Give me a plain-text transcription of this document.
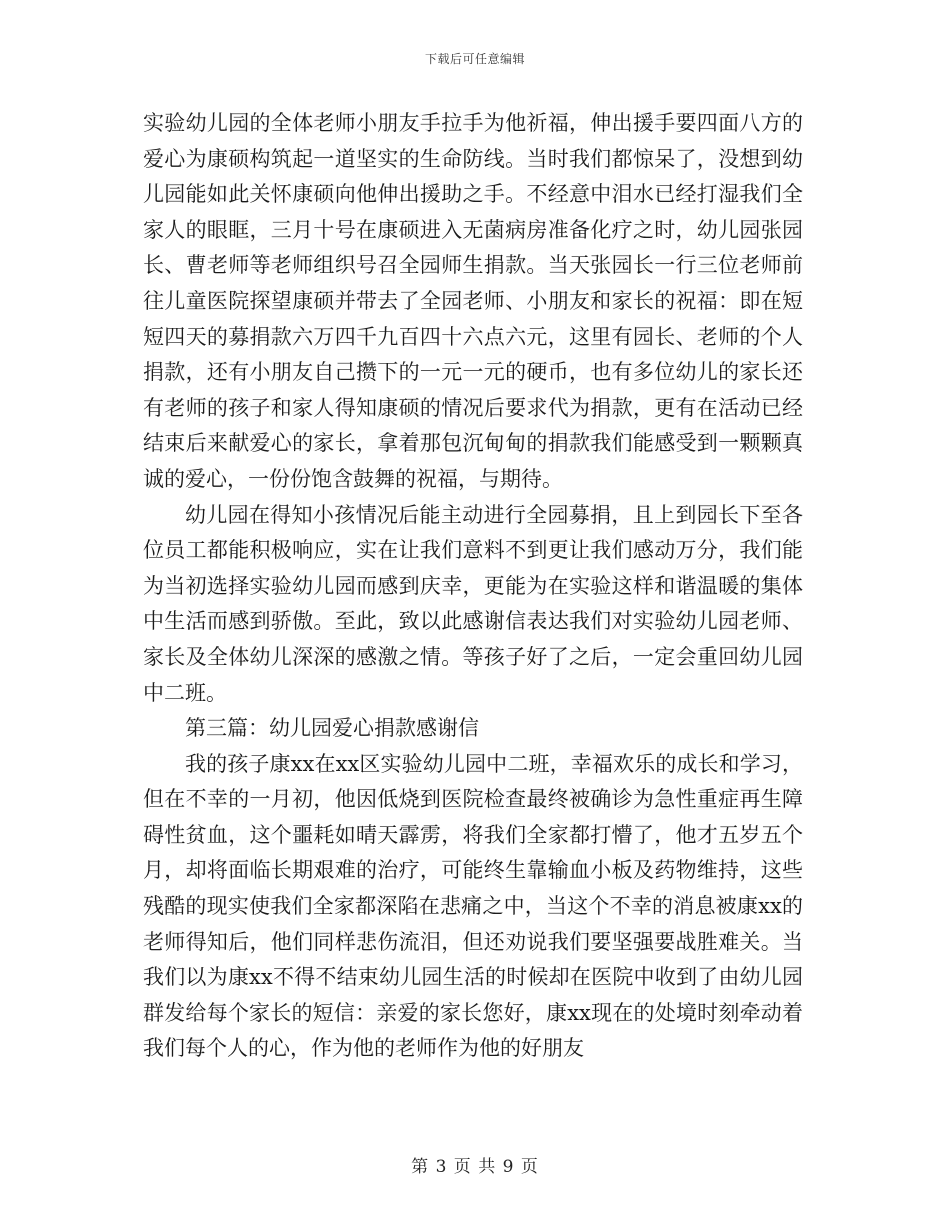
下载后可任意编辑

实验幼儿园的全体老师小朋友手拉手为他祈福，伸出援手要四面八方的爱心为康硕构筑起一道坚实的生命防线。当时我们都惊呆了，没想到幼儿园能如此关怀康硕向他伸出援助之手。不经意中泪水已经打湿我们全家人的眼眶，三月十号在康硕进入无菌病房准备化疗之时，幼儿园张园长、曹老师等老师组织号召全园师生捐款。当天张园长一行三位老师前往儿童医院探望康硕并带去了全园老师、小朋友和家长的祝福：即在短短四天的募捐款六万四千九百四十六点六元，这里有园长、老师的个人捐款，还有小朋友自己攒下的一元一元的硬币，也有多位幼儿的家长还有老师的孩子和家人得知康硕的情况后要求代为捐款，更有在活动已经结束后来献爱心的家长，拿着那包沉甸甸的捐款我们能感受到一颗颗真诚的爱心，一份份饱含鼓舞的祝福，与期待。

幼儿园在得知小孩情况后能主动进行全园募捐，且上到园长下至各位员工都能积极响应，实在让我们意料不到更让我们感动万分，我们能为当初选择实验幼儿园而感到庆幸，更能为在实验这样和谐温暖的集体中生活而感到骄傲。至此，致以此感谢信表达我们对实验幼儿园老师、家长及全体幼儿深深的感激之情。等孩子好了之后，一定会重回幼儿园中二班。

第三篇：幼儿园爱心捐款感谢信

我的孩子康xx在xx区实验幼儿园中二班，幸福欢乐的成长和学习，但在不幸的一月初，他因低烧到医院检查最终被确诊为急性重症再生障碍性贫血，这个噩耗如晴天霹雳，将我们全家都打懵了，他才五岁五个月，却将面临长期艰难的治疗，可能终生靠输血小板及药物维持，这些残酷的现实使我们全家都深陷在悲痛之中，当这个不幸的消息被康xx的老师得知后，他们同样悲伤流泪，但还劝说我们要坚强要战胜难关。当我们以为康xx不得不结束幼儿园生活的时候却在医院中收到了由幼儿园群发给每个家长的短信：亲爱的家长您好，康xx现在的处境时刻牵动着我们每个人的心，作为他的老师作为他的好朋友

第 3 页 共 9 页
